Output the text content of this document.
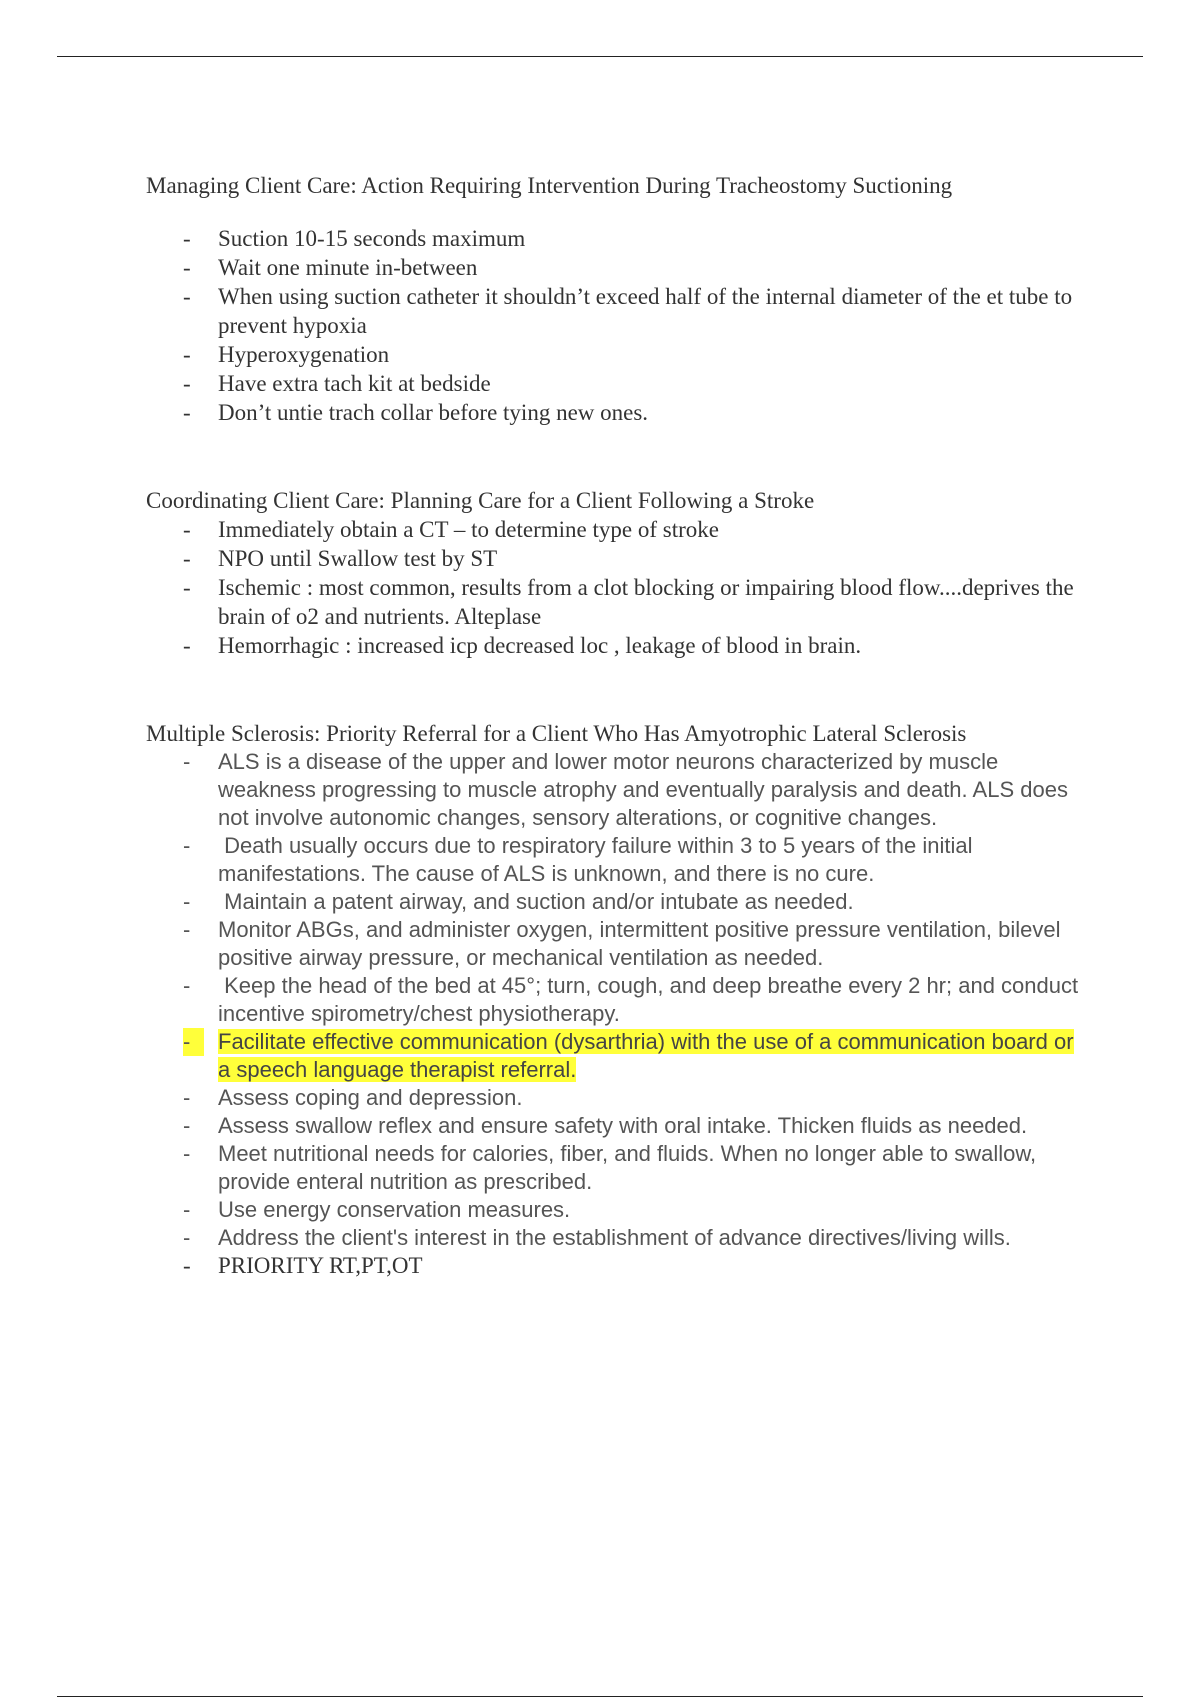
Managing Client Care: Action Requiring Intervention During Tracheostomy Suctioning

- Suction 10-15 seconds maximum
- Wait one minute in-between
- When using suction catheter it shouldn’t exceed half of the internal diameter of the et tube to prevent hypoxia
- Hyperoxygenation
- Have extra tach kit at bedside
- Don’t untie trach collar before tying new ones.

Coordinating Client Care: Planning Care for a Client Following a Stroke

- Immediately obtain a CT – to determine type of stroke
- NPO until Swallow test by ST
- Ischemic : most common, results from a clot blocking or impairing blood flow....deprives the brain of o2 and nutrients. Alteplase
- Hemorrhagic : increased icp decreased loc , leakage of blood in brain.

Multiple Sclerosis: Priority Referral for a Client Who Has Amyotrophic Lateral Sclerosis

- ALS is a disease of the upper and lower motor neurons characterized by muscle weakness progressing to muscle atrophy and eventually paralysis and death. ALS does not involve autonomic changes, sensory alterations, or cognitive changes.
- Death usually occurs due to respiratory failure within 3 to 5 years of the initial manifestations. The cause of ALS is unknown, and there is no cure.
- Maintain a patent airway, and suction and/or intubate as needed.
- Monitor ABGs, and administer oxygen, intermittent positive pressure ventilation, bilevel positive airway pressure, or mechanical ventilation as needed.
- Keep the head of the bed at 45°; turn, cough, and deep breathe every 2 hr; and conduct incentive spirometry/chest physiotherapy.
-	Facilitate effective communication (dysarthria) with the use of a communication board or a speech language therapist referral.
- Assess coping and depression.
- Assess swallow reflex and ensure safety with oral intake. Thicken fluids as needed.
- Meet nutritional needs for calories, fiber, and fluids. When no longer able to swallow, provide enteral nutrition as prescribed.
- Use energy conservation measures.
- Address the client's interest in the establishment of advance directives/living wills.
- PRIORITY RT,PT,OT
